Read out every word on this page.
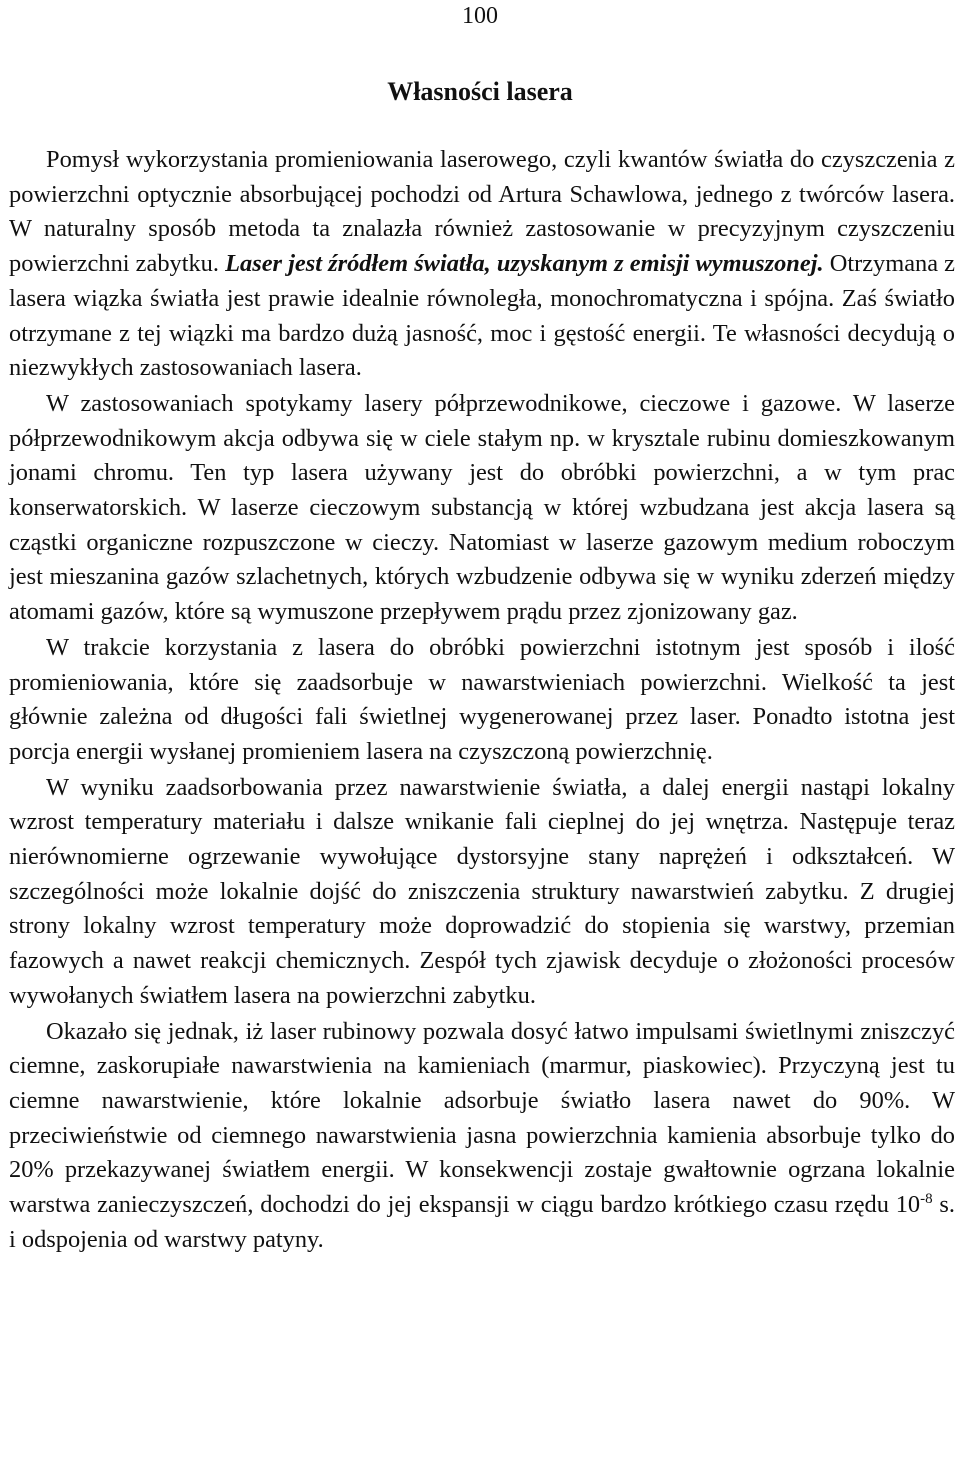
100
Własności lasera

Pomysł wykorzystania promieniowania laserowego, czyli kwantów światła do czyszczenia z powierzchni optycznie absorbującej pochodzi od Artura Schawlowa, jednego z twórców lasera. W naturalny sposób metoda ta znalazła również zastosowanie w precyzyjnym czyszczeniu powierzchni zabytku. Laser jest źródłem światła, uzyskanym z emisji wymuszonej. Otrzymana z lasera wiązka światła jest prawie idealnie równoległa, monochromatyczna i spójna. Zaś światło otrzymane z tej wiązki ma bardzo dużą jasność, moc i gęstość energii. Te własności decydują o niezwykłych zastosowaniach lasera.

W zastosowaniach spotykamy lasery półprzewodnikowe, cieczowe i gazowe. W laserze półprzewodnikowym akcja odbywa się w ciele stałym np. w krysztale rubinu domieszkowanym jonami chromu. Ten typ lasera używany jest do obróbki powierzchni, a w tym prac konserwatorskich. W laserze cieczowym substancją w której wzbudzana jest akcja lasera są cząstki organiczne rozpuszczone w cieczy. Natomiast w laserze gazowym medium roboczym jest mieszanina gazów szlachetnych, których wzbudzenie odbywa się w wyniku zderzeń między atomami gazów, które są wymuszone przepływem prądu przez zjonizowany gaz.

W trakcie korzystania z lasera do obróbki powierzchni istotnym jest sposób i ilość promieniowania, które się zaadsorbuje w nawarstwieniach powierzchni. Wielkość ta jest głównie zależna od długości fali świetlnej wygenerowanej przez laser. Ponadto istotna jest porcja energii wysłanej promieniem lasera na czyszczoną powierzchnię.

W wyniku zaadsorbowania przez nawarstwienie światła, a dalej energii nastąpi lokalny wzrost temperatury materiału i dalsze wnikanie fali cieplnej do jej wnętrza. Następuje teraz nierównomierne ogrzewanie wywołujące dystorsyjne stany naprężeń i odkształceń. W szczególności może lokalnie dojść do zniszczenia struktury nawarstwień zabytku. Z drugiej strony lokalny wzrost temperatury może doprowadzić do stopienia się warstwy, przemian fazowych a nawet reakcji chemicznych. Zespół tych zjawisk decyduje o złożoności procesów wywołanych światłem lasera na powierzchni zabytku.

Okazało się jednak, iż laser rubinowy pozwala dosyć łatwo impulsami świetlnymi zniszczyć ciemne, zaskorupiałe nawarstwienia na kamieniach (marmur, piaskowiec). Przyczyną jest tu ciemne nawarstwienie, które lokalnie adsorbuje światło lasera nawet do 90%. W przeciwieństwie od ciemnego nawarstwienia jasna powierzchnia kamienia absorbuje tylko do 20% przekazywanej światłem energii. W konsekwencji zostaje gwałtownie ogrzana lokalnie warstwa zanieczyszczeń, dochodzi do jej ekspansji w ciągu bardzo krótkiego czasu rzędu $10^{-8}$ s. i odspojenia od warstwy patyny.
